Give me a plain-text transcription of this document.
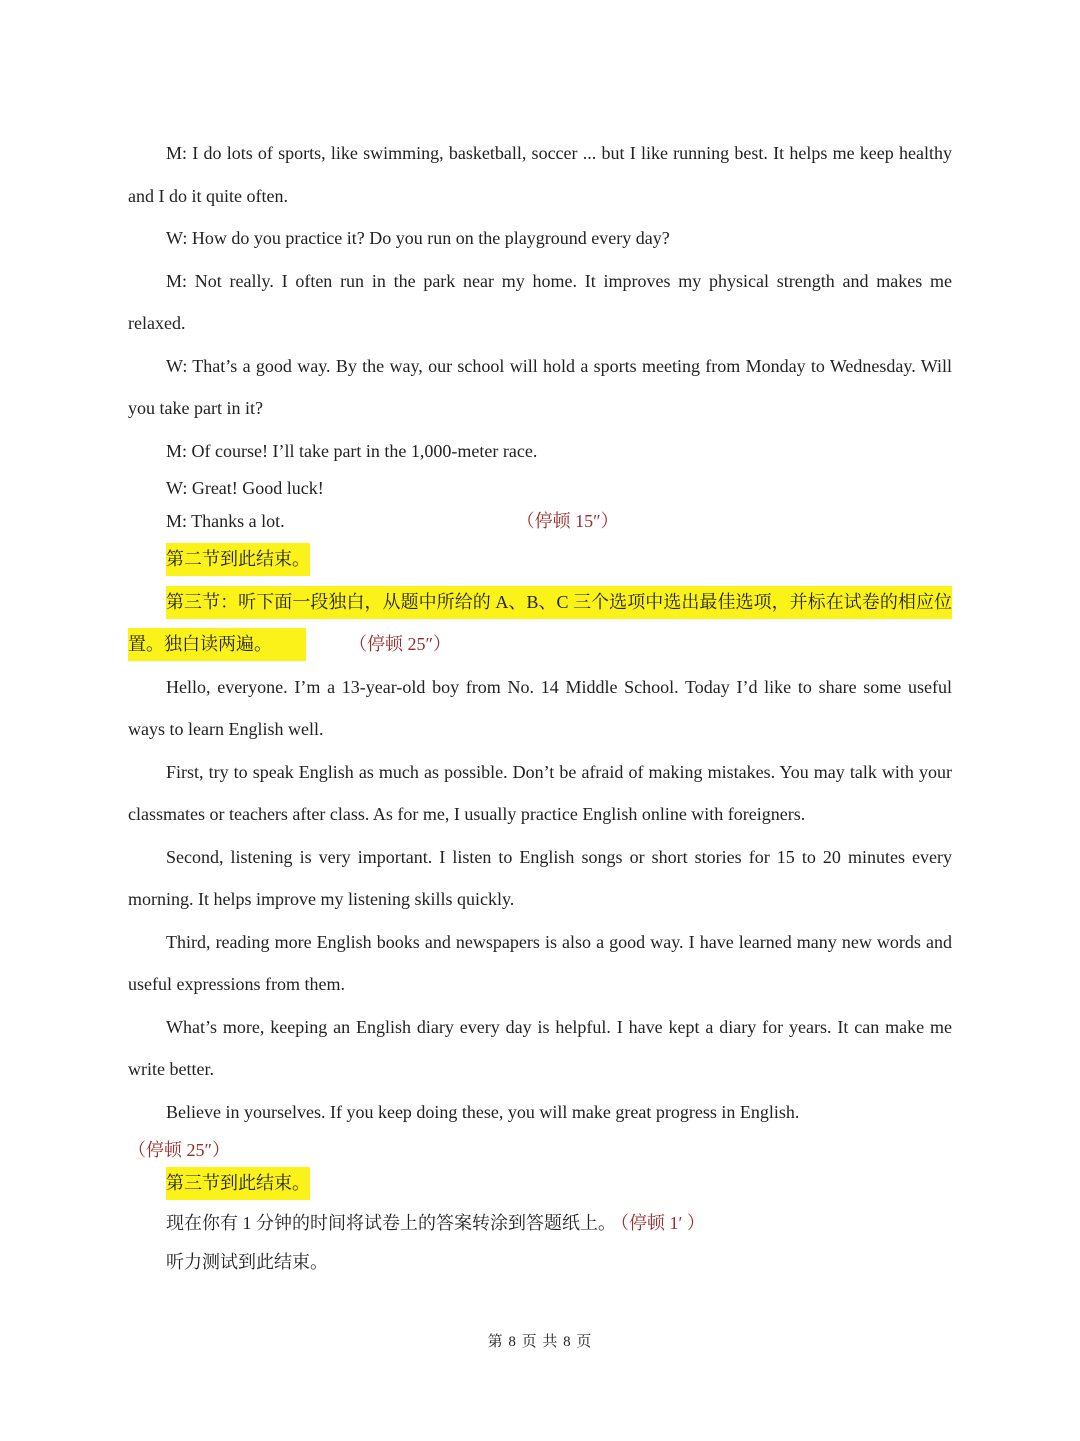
M: I do lots of sports, like swimming, basketball, soccer ... but I like running best. It helps me keep healthy and I do it quite often.

W: How do you practice it? Do you run on the playground every day?

M: Not really. I often run in the park near my home. It improves my physical strength and makes me relaxed.

W: That’s a good way. By the way, our school will hold a sports meeting from Monday to Wednesday. Will you take part in it?

M: Of course! I’ll take part in the 1,000-meter race.

W: Great! Good luck!

M: Thanks a lot.	（停顿 15″）

第二节到此结束。

第三节：听下面一段独白，从题中所给的 A、B、C 三个选项中选出最佳选项，并标在试卷的相应位置。独白读两遍。	（停顿 25″）

Hello, everyone. I’m a 13-year-old boy from No. 14 Middle School. Today I’d like to share some useful ways to learn English well.

First, try to speak English as much as possible. Don’t be afraid of making mistakes. You may talk with your classmates or teachers after class. As for me, I usually practice English online with foreigners.

Second, listening is very important. I listen to English songs or short stories for 15 to 20 minutes every morning. It helps improve my listening skills quickly.

Third, reading more English books and newspapers is also a good way. I have learned many new words and useful expressions from them.

What’s more, keeping an English diary every day is helpful. I have kept a diary for years. It can make me write better.

Believe in yourselves. If you keep doing these, you will make great progress in English.

（停顿 25″）

第三节到此结束。

现在你有 1 分钟的时间将试卷上的答案转涂到答题纸上。 （停顿 1′ ）

听力测试到此结束。

第 8 页 共 8 页
